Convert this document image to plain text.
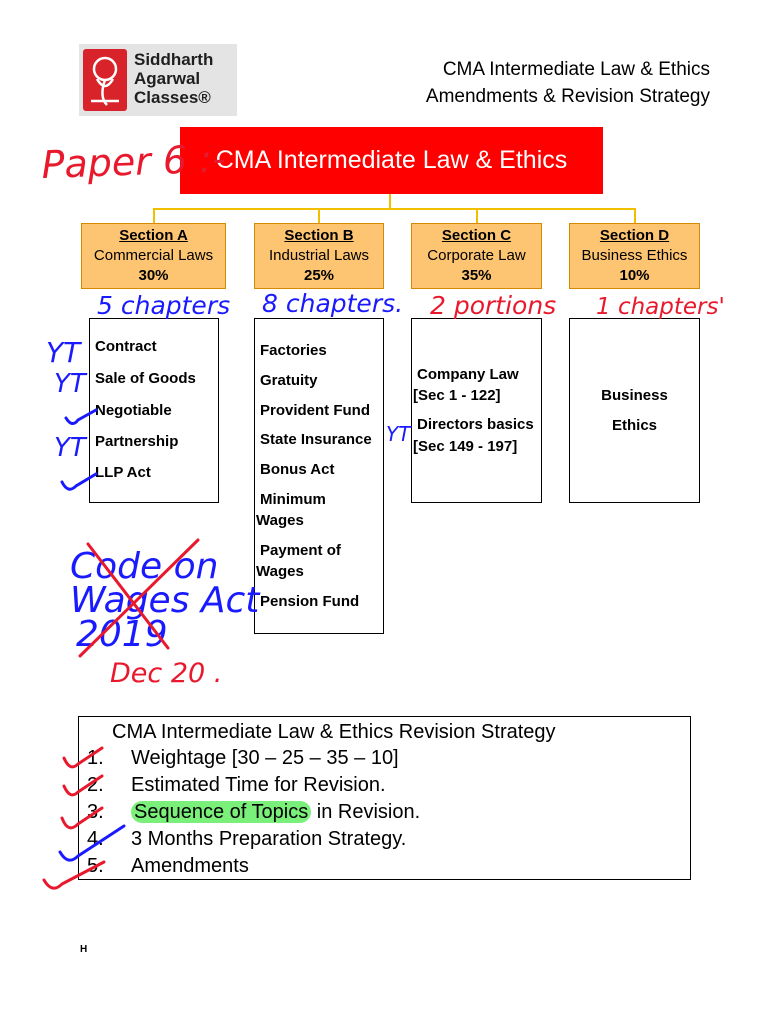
Siddharth
Agarwal
Classes®
CMA Intermediate Law & Ethics
Amendments & Revision Strategy
CMA Intermediate Law & Ethics
Section A
Commercial Laws
30%
Section B
Industrial Laws
25%
Section C
Corporate Law
35%
Section D
Business Ethics
10%
Contract
Sale of Goods
Negotiable
Partnership
LLP Act
Factories
Gratuity
Provident Fund
State Insurance
Bonus Act
Minimum
Wages
Payment of
Wages
Pension Fund
Company Law
[Sec 1 - 122]
Directors basics
[Sec 149 - 197]
Business
Ethics
CMA Intermediate Law & Ethics Revision Strategy
1. Weightage [30 – 25 – 35 – 10]
2. Estimated Time for Revision.
3. Sequence of Topics in Revision.
4. 3 Months Preparation Strategy.
5. Amendments
H
Paper 6 :-
2 portions 1 chapters'
Dec 20 .
5 chapters 8 chapters.
YT
YT
YT	YT
Code on
Wages Act
2019
